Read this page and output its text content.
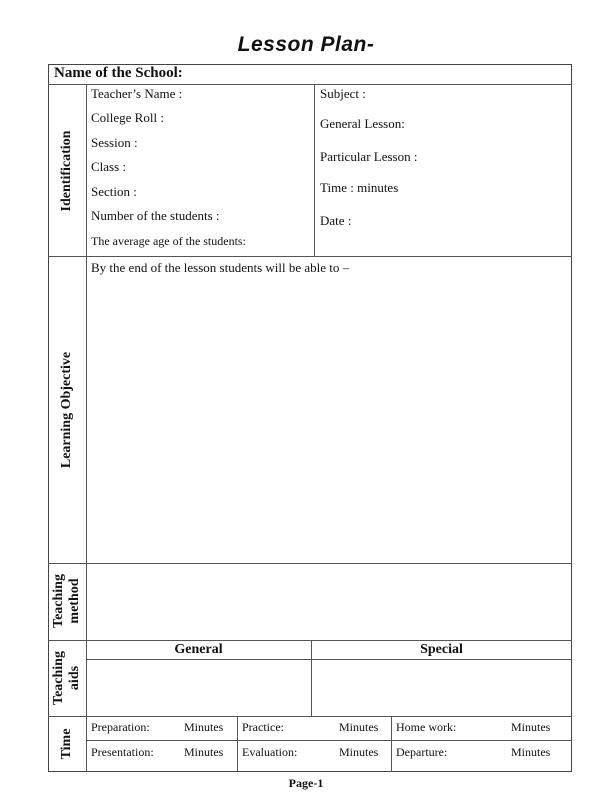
Lesson Plan-
Name of the School:
Identification
Teacher’s Name :
College Roll :
Session :
Class :
Section :
Number of the students :
The average age of the students:
Subject :
General Lesson:
Particular Lesson :
Time : minutes
Date :
Learning Objective
By the end of the lesson students will be able to –
Teaching method
Teaching aids
General	Special
Time
Preparation:	Minutes Practice:	Minutes Home work:	Minutes
Presentation:	Minutes Evaluation:	Minutes Departure:	Minutes
Page-1
